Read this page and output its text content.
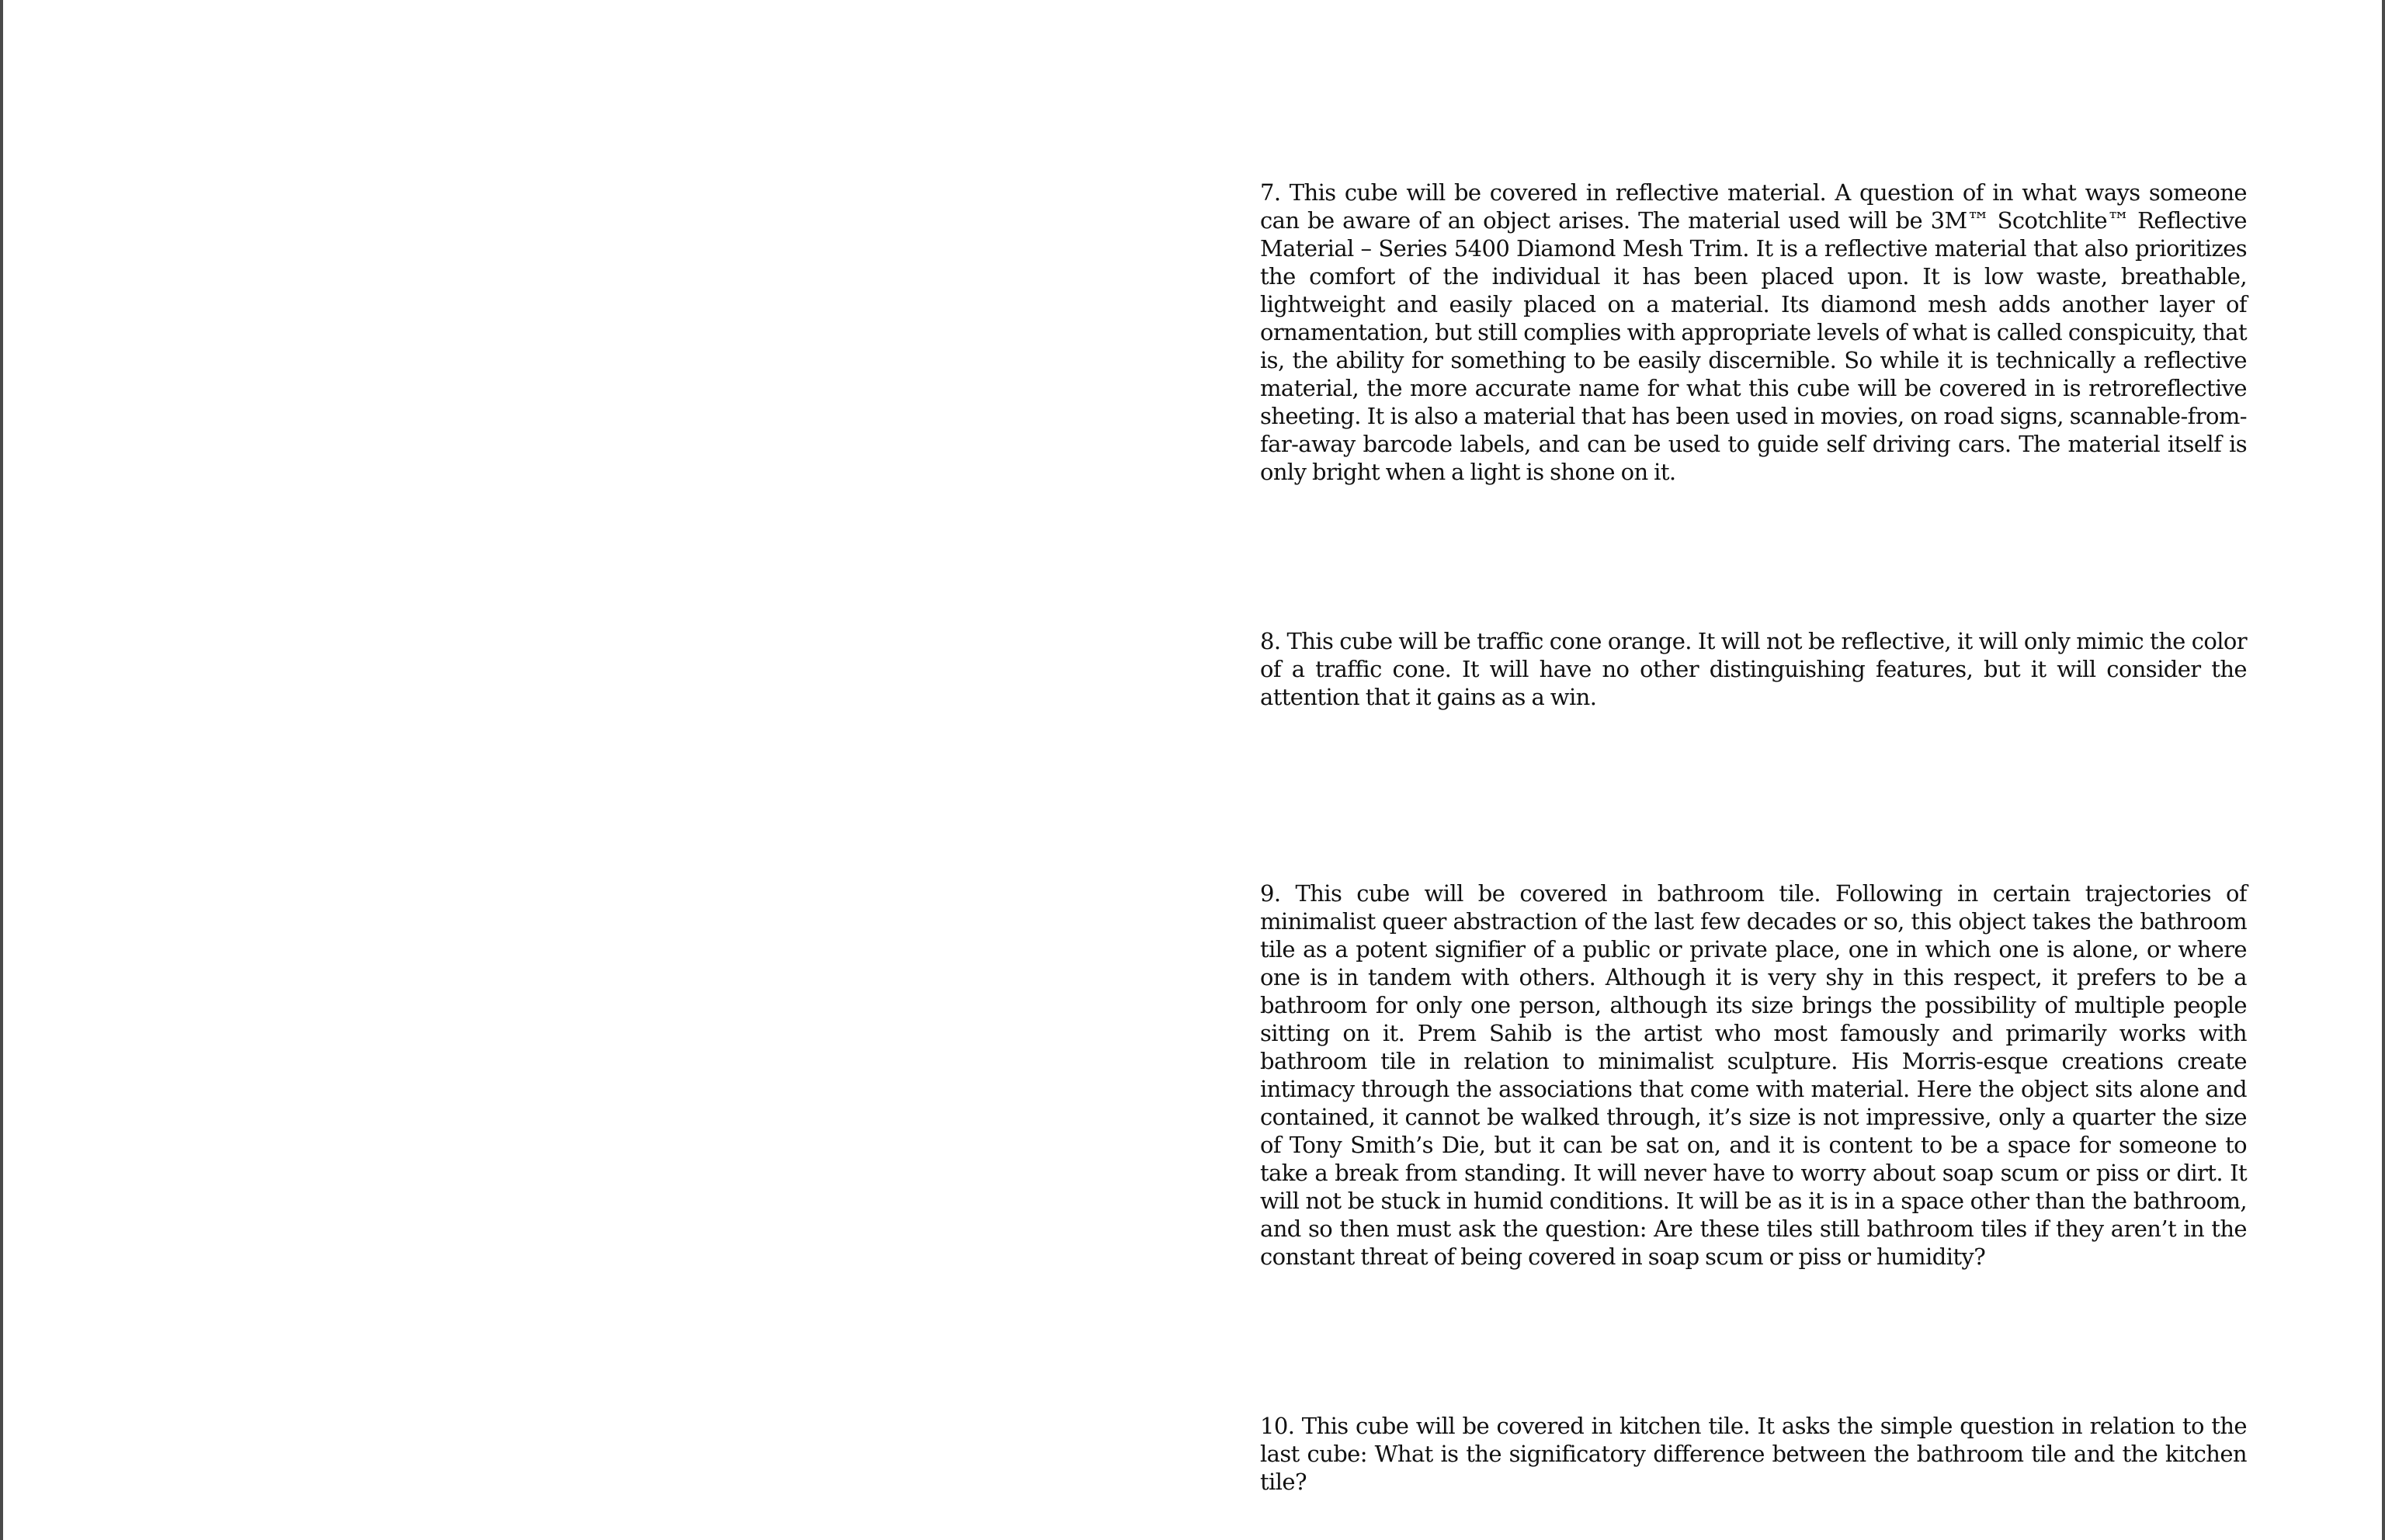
7. This cube will be covered in reflective material. A question of in what ways someone can be aware of an object arises. The material used will be 3M™ Scotchlite™ Reflective Material – Series 5400 Diamond Mesh Trim. It is a reflective material that also prioritizes the comfort of the individual it has been placed upon. It is low waste, breathable, lightweight and easily placed on a material. Its diamond mesh adds another layer of ornamentation, but still complies with appropriate levels of what is called conspicuity, that is, the ability for something to be easily discernible. So while it is technically a reflective material, the more accurate name for what this cube will be covered in is retroreflective sheeting. It is also a material that has been used in movies, on road signs, scannable-from-far-away barcode labels, and can be used to guide self driving cars. The material itself is only bright when a light is shone on it.

8. This cube will be traffic cone orange. It will not be reflective, it will only mimic the color of a traffic cone. It will have no other distinguishing features, but it will consider the attention that it gains as a win.

9. This cube will be covered in bathroom tile. Following in certain trajectories of minimalist queer abstraction of the last few decades or so, this object takes the bathroom tile as a potent signifier of a public or private place, one in which one is alone, or where one is in tandem with others. Although it is very shy in this respect, it prefers to be a bathroom for only one person, although its size brings the possibility of multiple people sitting on it. Prem Sahib is the artist who most famously and primarily works with bathroom tile in relation to minimalist sculpture. His Morris-esque creations create intimacy through the associations that come with material. Here the object sits alone and contained, it cannot be walked through, it’s size is not impressive, only a quarter the size of Tony Smith’s Die, but it can be sat on, and it is content to be a space for someone to take a break from standing. It will never have to worry about soap scum or piss or dirt. It will not be stuck in humid conditions. It will be as it is in a space other than the bathroom, and so then must ask the question: Are these tiles still bathroom tiles if they aren’t in the constant threat of being covered in soap scum or piss or humidity?

10. This cube will be covered in kitchen tile. It asks the simple question in relation to the last cube: What is the significatory difference between the bathroom tile and the kitchen tile?
